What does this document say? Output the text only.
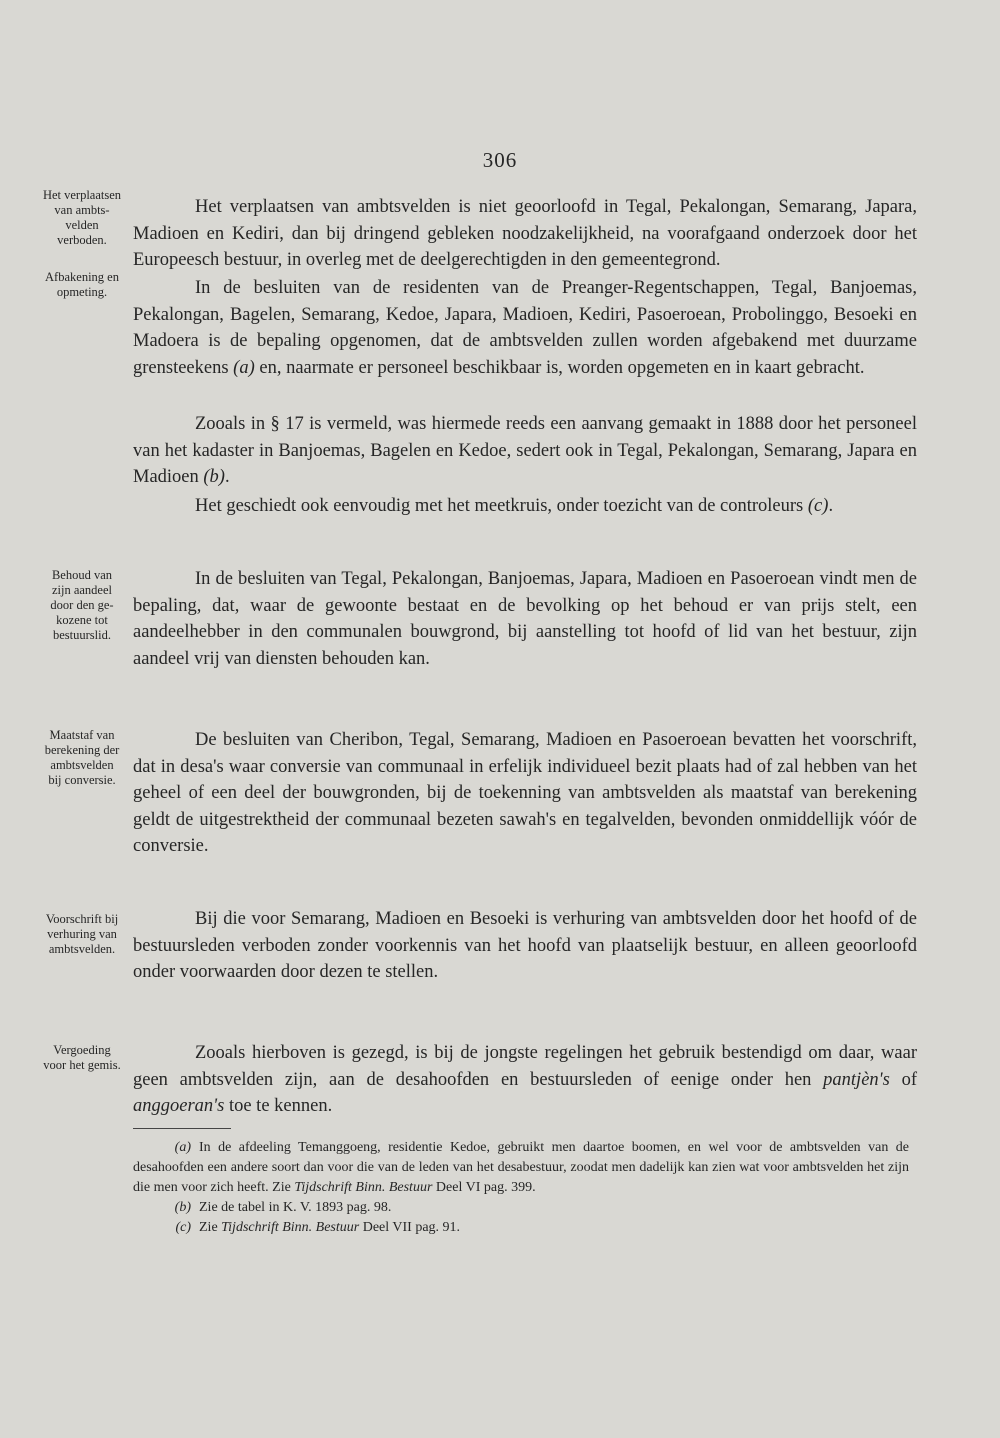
306
Het verplaatsen
van ambts-
velden
verboden.

Het verplaatsen van ambtsvelden is niet geoorloofd in Tegal, Pekalongan, Semarang, Japara, Madioen en Kediri, dan bij dringend gebleken noodzakelijkheid, na voorafgaand onderzoek door het Europeesch bestuur, in overleg met de deelgerechtigden in den gemeentegrond.

Afbakening en
opmeting.	In de besluiten van de residenten van de Preanger-Regentschappen, Tegal, Banjoemas, Pekalongan, Bagelen, Semarang, Kedoe, Japara, Madioen, Kediri, Pasoeroean, Probolinggo, Besoeki en Madoera is de bepaling opgenomen, dat de ambtsvelden zullen worden afgebakend met duurzame grensteekens (a) en, naarmate er personeel beschikbaar is, worden opgemeten en in kaart gebracht.

Zooals in § 17 is vermeld, was hiermede reeds een aanvang gemaakt in 1888 door het personeel van het kadaster in Banjoemas, Bagelen en Kedoe, sedert ook in Tegal, Pekalongan, Semarang, Japara en Madioen (b).

Het geschiedt ook eenvoudig met het meetkruis, onder toezicht van de controleurs (c).

Behoud van
zijn aandeel
door den ge-
kozene tot
bestuurslid.

In de besluiten van Tegal, Pekalongan, Banjoemas, Japara, Madioen en Pasoeroean vindt men de bepaling, dat, waar de gewoonte bestaat en de bevolking op het behoud er van prijs stelt, een aandeelhebber in den communalen bouwgrond, bij aanstelling tot hoofd of lid van het bestuur, zijn aandeel vrij van diensten behouden kan.

Maatstaf van
berekening der
ambtsvelden
bij conversie.

De besluiten van Cheribon, Tegal, Semarang, Madioen en Pasoeroean bevatten het voorschrift, dat in desa's waar conversie van communaal in erfelijk individueel bezit plaats had of zal hebben van het geheel of een deel der bouwgronden, bij de toekenning van ambtsvelden als maatstaf van berekening geldt de uitgestrektheid der communaal bezeten sawah's en tegalvelden, bevonden onmiddellijk vóór de conversie.

Voorschrift bij
verhuring van
ambtsvelden.

Bij die voor Semarang, Madioen en Besoeki is verhuring van ambtsvelden door het hoofd of de bestuursleden verboden zonder voorkennis van het hoofd van plaatselijk bestuur, en alleen geoorloofd onder voorwaarden door dezen te stellen.

Vergoeding
voor het gemis.

Zooals hierboven is gezegd, is bij de jongste regelingen het gebruik bestendigd om daar, waar geen ambtsvelden zijn, aan de desahoofden en bestuursleden of eenige onder hen pantjèn's of anggoeran's toe te kennen.

(a) In de afdeeling Temanggoeng, residentie Kedoe, gebruikt men daartoe boomen, en wel voor de ambtsvelden van de desahoofden een andere soort dan voor die van de leden van het desabestuur, zoodat men dadelijk kan zien wat voor ambtsvelden het zijn die men voor zich heeft. Zie Tijdschrift Binn. Bestuur Deel VI pag. 399.

(b) Zie de tabel in K. V. 1893 pag. 98.

(c) Zie Tijdschrift Binn. Bestuur Deel VII pag. 91.
